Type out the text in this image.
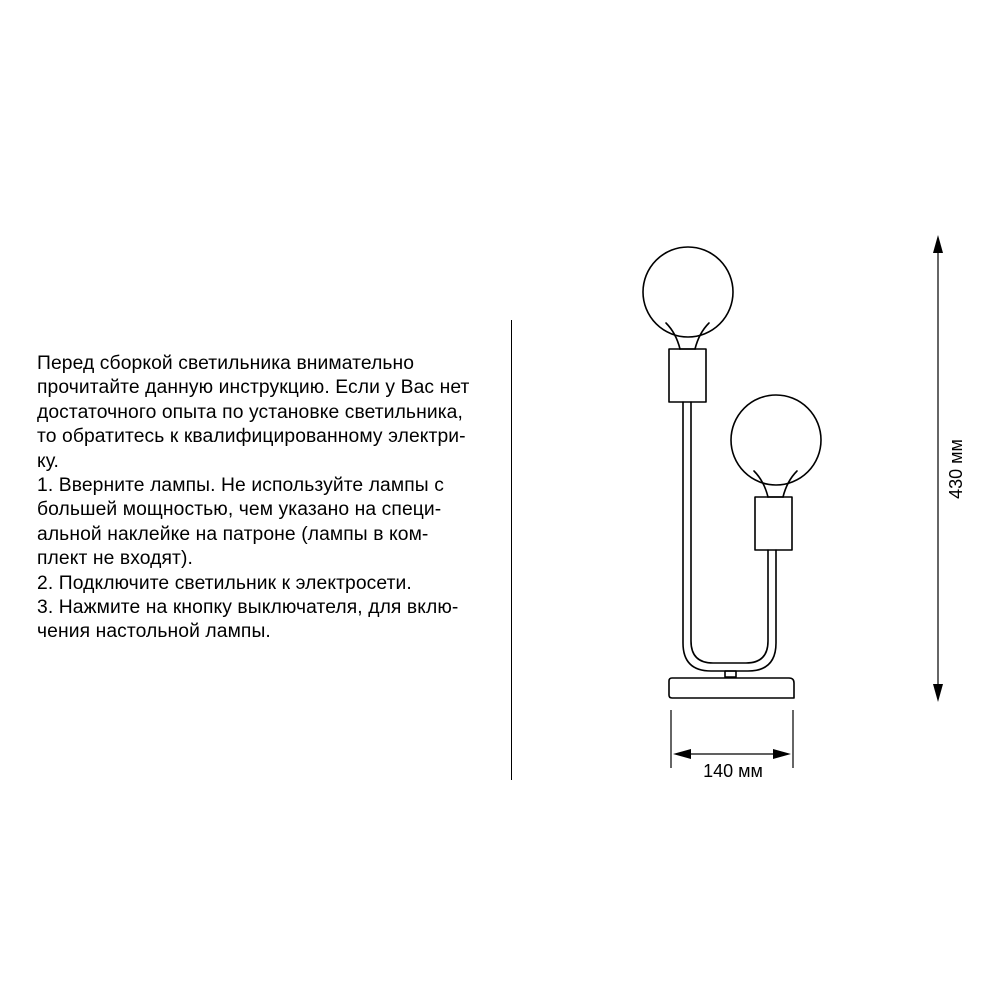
Перед сборкой светильника внимательно
прочитайте данную инструкцию. Если у Вас нет
достаточного опыта по установке светильника,
то обратитесь к квалифицированному электри-
ку.
1. Вверните лампы. Не используйте лампы с
большей мощностью, чем указано на специ-
альной наклейке на патроне (лампы в ком-
плект не входят).
2. Подключите светильник к электросети.
3. Нажмите на кнопку выключателя, для вклю-
чения настольной лампы.
430 мм
140 мм
